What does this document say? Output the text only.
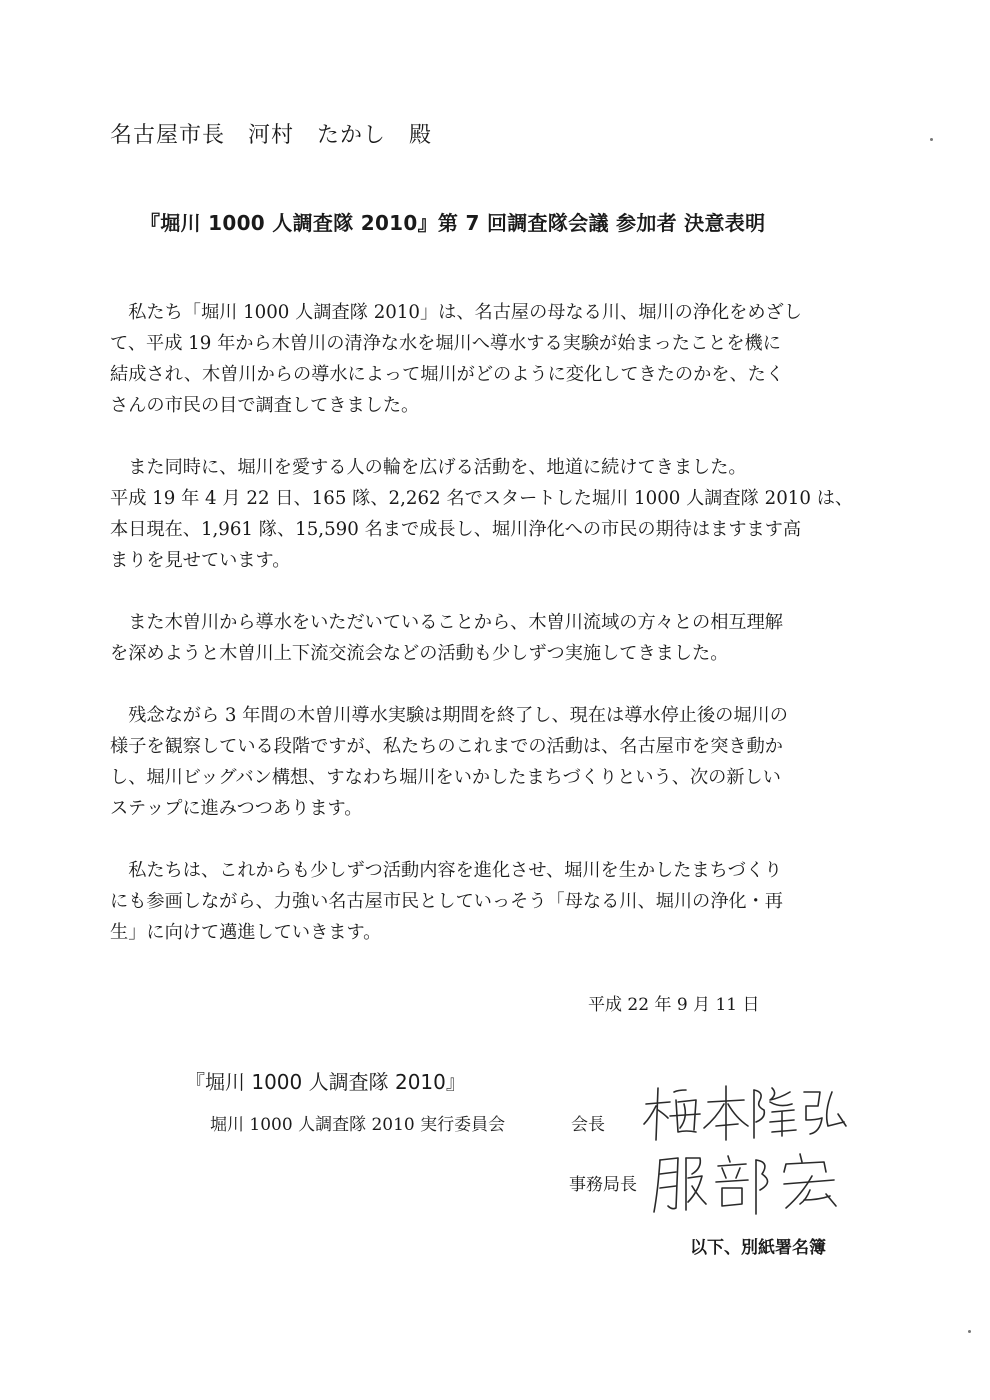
名古屋市長　河村　たかし　殿
『堀川 1000 人調査隊 2010』第 7 回調査隊会議 参加者 決意表明

　私たち「堀川 1000 人調査隊 2010」は、名古屋の母なる川、堀川の浄化をめざし
て、平成 19 年から木曽川の清浄な水を堀川へ導水する実験が始まったことを機に
結成され、木曽川からの導水によって堀川がどのように変化してきたのかを、たく
さんの市民の目で調査してきました。

　また同時に、堀川を愛する人の輪を広げる活動を、地道に続けてきました。
平成 19 年 4 月 22 日、165 隊、2,262 名でスタートした堀川 1000 人調査隊 2010 は、
本日現在、1,961 隊、15,590 名まで成長し、堀川浄化への市民の期待はますます高
まりを見せています。

　また木曽川から導水をいただいていることから、木曽川流域の方々との相互理解
を深めようと木曽川上下流交流会などの活動も少しずつ実施してきました。

　残念ながら 3 年間の木曽川導水実験は期間を終了し、現在は導水停止後の堀川の
様子を観察している段階ですが、私たちのこれまでの活動は、名古屋市を突き動か
し、堀川ビッグバン構想、すなわち堀川をいかしたまちづくりという、次の新しい
ステップに進みつつあります。

　私たちは、これからも少しずつ活動内容を進化させ、堀川を生かしたまちづくり
にも参画しながら、力強い名古屋市民としていっそう「母なる川、堀川の浄化・再
生」に向けて邁進していきます。

平成 22 年 9 月 11 日
『堀川 1000 人調査隊 2010』
堀川 1000 人調査隊 2010 実行委員会	会長
事務局長
以下、別紙署名簿
